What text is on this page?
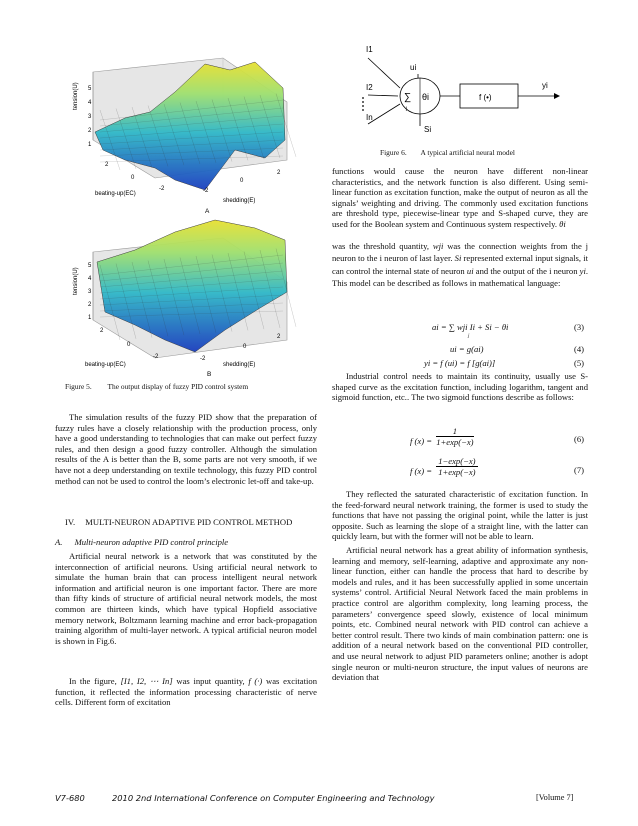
tension(U) 5
4
3
2
1
2
0
-2	-2
0
2
beating-up(EC)
shedding(E)
A
tension(U)
5
4
3
2
1
2
0
-2	-2
0
2
beating-up(EC)	shedding(E)
B
Figure 5. The output display of fuzzy PID control system

The simulation results of the fuzzy PID show that the preparation of fuzzy rules have a closely relationship with the production process, only have a good understanding to technologies that can make out perfect fuzzy rules, and then design a good fuzzy controller. Although the simulation results of the A is better than the B, some parts are not very smooth, if we have not a deep understanding on textile technology, this fuzzy PID control method can not be used to control the loom’s electronic let-off and take-up.

IV. MULTI-NEURON ADAPTIVE PID CONTROL METHOD
A. Multi-neuron adaptive PID control principle

Artificial neural network is a network that was constituted by the interconnection of artificial neurons. Using artificial neural network to simulate the human brain that can process intelligent neural network information and artificial neuron is one important factor. There are more than fifty kinds of structure of artificial neural network models, the most common are thirteen kinds, which have typical Hopfield associative memory network, Boltzmann learning machine and error back-propagation training algorithm of multi-layer network. A typical artificial neuron model is shown in Fig.6.

In the figure, [I1, I2, ⋯ In] was input quantity, f (·) was excitation function, it reflected the information processing characteristic of nerve cells. Different form of excitation

I1
I2
In
∑
j
θi
ui
Si
f (•)
yi
Figure 6. A typical artificial neural model

functions would cause the neuron have different non-linear characteristics, and the network function is also different. Using semi-linear function as excitation function, make the output of neuron as all the signals’ weighting and driving. The commonly used excitation functions are threshold type, piecewise-linear type and S-shaped curve, they are used for the Boolean system and Continuous system respectively. θi

was the threshold quantity, wji was the connection weights from the j neuron to the i neuron of last layer. Si represented external input signals, it can control the internal state of neuron ui and the output of the i neuron yi. This model can be described as follows in mathematical language:

ai = ∑ wji Ii + Si − θi
j
(3)
ui = g(ai)	(4)
yi = f (ui) = f [g(ai)]	(5)

Industrial control needs to maintain its continuity, usually use S-shaped curve as the excitation function, including logarithm, tangent and sigmoid function, etc.. The two sigmoid functions describe as follows:

f $(x) = \frac{1}{1+\exp(-x)}$	(6)
f $(x) = \frac{1-\exp(-x)}{1+\exp(-x)}$	(7)

They reflected the saturated characteristic of excitation function. In the feed-forward neural network training, the former is used to study the functions that have not passing the original point, while the latter is just opposite. Such as learning the slope of a straight line, with the latter can quickly learn, but with the former will not be able to learn.

Artificial neural network has a great ability of information synthesis, learning and memory, self-learning, adaptive and approximate any non-linear function, either can handle the process that hard to describe by models and rules, and it has been successfully applied in some uncertain systems’ control. Artificial Neural Network faced the main problems in practice control are algorithm complexity, long learning process, the parameters’ convergence speed slowly, existence of local minimum points, etc. Combined neural network with PID control can achieve a better control result. There two kinds of main combination pattern: one is addition of a neural network based on the conventional PID controller, and use neural network to adjust PID parameters online; another is adopt single neuron or multi-neuron structure, the input values of neurons are deviation that

V7-680	2010 2nd International Conference on Computer Engineering and Technology	[Volume 7]
